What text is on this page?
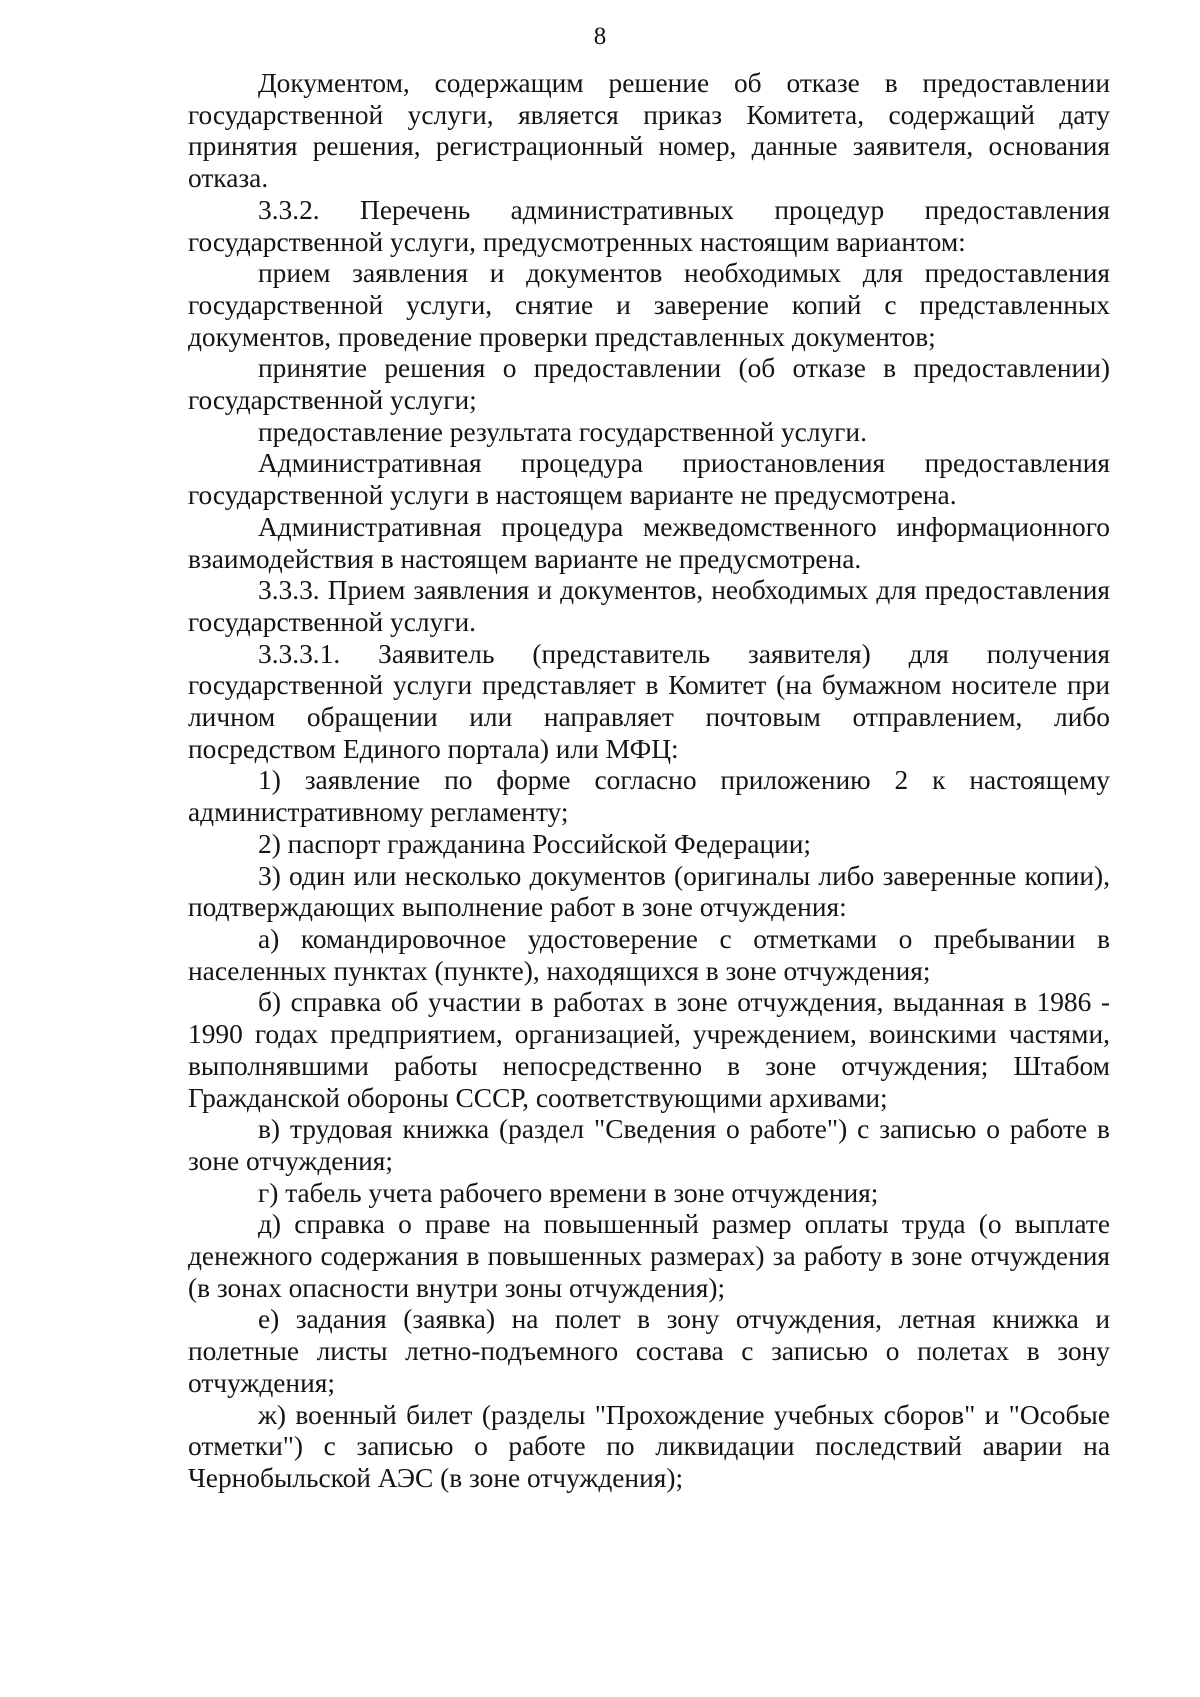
8

Документом, содержащим решение об отказе в предоставлении государственной услуги, является приказ Комитета, содержащий дату принятия решения, регистрационный номер, данные заявителя, основания отказа.

3.3.2. Перечень административных процедур предоставления государственной услуги, предусмотренных настоящим вариантом:

прием заявления и документов необходимых для предоставления государственной услуги, снятие и заверение копий с представленных документов, проведение проверки представленных документов;

принятие решения о предоставлении (об отказе в предоставлении) государственной услуги;

предоставление результата государственной услуги.

Административная процедура приостановления предоставления государственной услуги в настоящем варианте не предусмотрена.

Административная процедура межведомственного информационного взаимодействия в настоящем варианте не предусмотрена.

3.3.3. Прием заявления и документов, необходимых для предоставления государственной услуги.

3.3.3.1. Заявитель (представитель заявителя) для получения государственной услуги представляет в Комитет (на бумажном носителе при личном обращении или направляет почтовым отправлением, либо посредством Единого портала) или МФЦ:

1) заявление по форме согласно приложению 2 к настоящему административному регламенту;

2) паспорт гражданина Российской Федерации;

3) один или несколько документов (оригиналы либо заверенные копии), подтверждающих выполнение работ в зоне отчуждения:

а) командировочное удостоверение с отметками о пребывании в населенных пунктах (пункте), находящихся в зоне отчуждения;

б) справка об участии в работах в зоне отчуждения, выданная в 1986 - 1990 годах предприятием, организацией, учреждением, воинскими частями, выполнявшими работы непосредственно в зоне отчуждения; Штабом Гражданской обороны СССР, соответствующими архивами;

в) трудовая книжка (раздел "Сведения о работе") с записью о работе в зоне отчуждения;

г) табель учета рабочего времени в зоне отчуждения;

д) справка о праве на повышенный размер оплаты труда (о выплате денежного содержания в повышенных размерах) за работу в зоне отчуждения (в зонах опасности внутри зоны отчуждения);

е) задания (заявка) на полет в зону отчуждения, летная книжка и полетные листы летно-подъемного состава с записью о полетах в зону отчуждения;

ж) военный билет (разделы "Прохождение учебных сборов" и "Особые отметки") с записью о работе по ликвидации последствий аварии на Чернобыльской АЭС (в зоне отчуждения);
